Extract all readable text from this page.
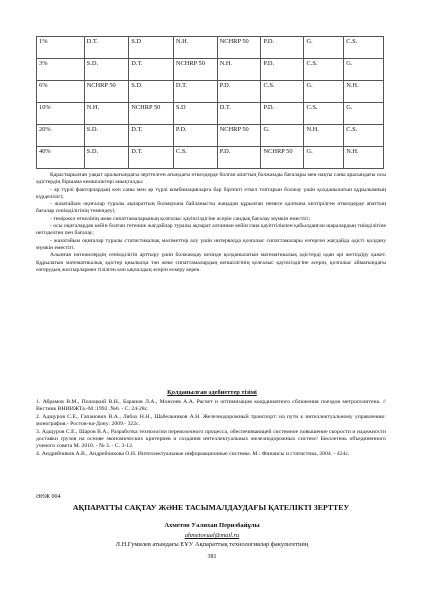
1%	D.T.	S.D	N.H.	NCHRP 50	P.D.	G.	C.S.
3%	S.D.	D.T.	NCHRP 50	N.H.	P.D.	C.S.	G.
6%	NCHRP 50	S.D.	D.T.	P.D.	C.S.	G.	N.H.
10%	N.H.	NCHRP 50	S.D	D.T.	P.D.	C.S.	G.
20%	S.D.	D.T.	P.D.	NCHRP 50	G.	N.H.	C.S.
40%	S.D.	D.T.	C.S.	P.D.	NCHRP 50	G.	N.H.

Қарастырылған уақыт аралығындағы зерттелген ағындағы өткелдерде болған апаттың болжамды бағалары мен нақты саны арасындағы осы әдістердің біршама кемшіліктері анықталды:

- әр түрлі факторлардың көп саны мен әр түрлі комбинацияларға бар біртекті еткел топтарын болжау үшін қолданылатын құрылымның күрделілігі;

- жазатайым оқиғалар туралы ақпараттың болмауына байланысты жаңадан құрылған немесе қалпына келтірілген өткелдерде апаттың бағалар сенімділігінің төмендеуі;

- теміржол өткелінің жеке сипаттамаларының қозғалыс қауіпсіздігіне әсерін сандық бағалау мүмкін еместігі;

- осы оқиғалардан кейін болған тетенше жағдайлар туралы ақпарат алғаннан кейін ғана қауіптілікпен қабылданған шаралардың тиімділігіне негізделген пен бағалау;

- жазатайым оқиғалар туралы статистикалық мәліметтер алу үшін интервалда қозғалыс сипаттамалары өзгерген жағдайда әдісті қолдану мүмкін еместігі.

Алынған нәтижелердің сенімділігін арттыру үшін болжамдау кезінде қолданылатын математикалық әдістерді одан әрі жетілдіру қажет. Құрылатын математикалық әдістер қиылысқа тән жеке сипаттамалардың кепшілігінің қозғалыс қауіпсіздігіне әсерін, қозғалыс аймағындағы өзгерудың жоспарлармен тізілген көп ықпалдың әсерін ескеру керек.

Қолданылған әдебиеттер тізімі

1. Абрамов В.М., Полоцкий В.Н., Баранов Л.А., Моисеев А.А. Расчет и оптимизация координатного сближения поездов метрополитена. //Вестник ВНИИЖТа.-М.:1992 .№6. - С. 24-28с.

2. Адщуров С.Е., Гапанович В.А., Лябах Н.Н., Шабельников А.Н. Железнодорожный транспорт: на пути к интеллектуальному управлению: монография.- Ростов-на-Дону: 2009.- 322с.

3. Адщуров С.Е., Шаров В.А., Разработка технологии перевозочного процесса, обеспечивающей системное повышение скорости и надежности доставки грузов на основе экономических критериев и создания интеллектуальных железнодорожных систем// Бюллетень объединенного ученого совета М. 2010. - № 3. - С. 3-12.

4. Андрейчиков А.В., Андрейчикова О.Н. Интеллектуальные информационные системы. М.: Финансы и статистика, 2004. - 424с.

ӘӨЖ 004
АҚПАРАТТЫ САҚТАУ ЖӘНЕ ТАСЫМАЛДАУДАҒЫ ҚАТЕЛІКТІ ЗЕРТТЕУ
Ахметов Уалихан Перизбайұлы
ahmetovual@mail.ru
Л.Н.Гумилев атындағы ЕҰУ Ақпараттық технологиялар факультетінің
381
